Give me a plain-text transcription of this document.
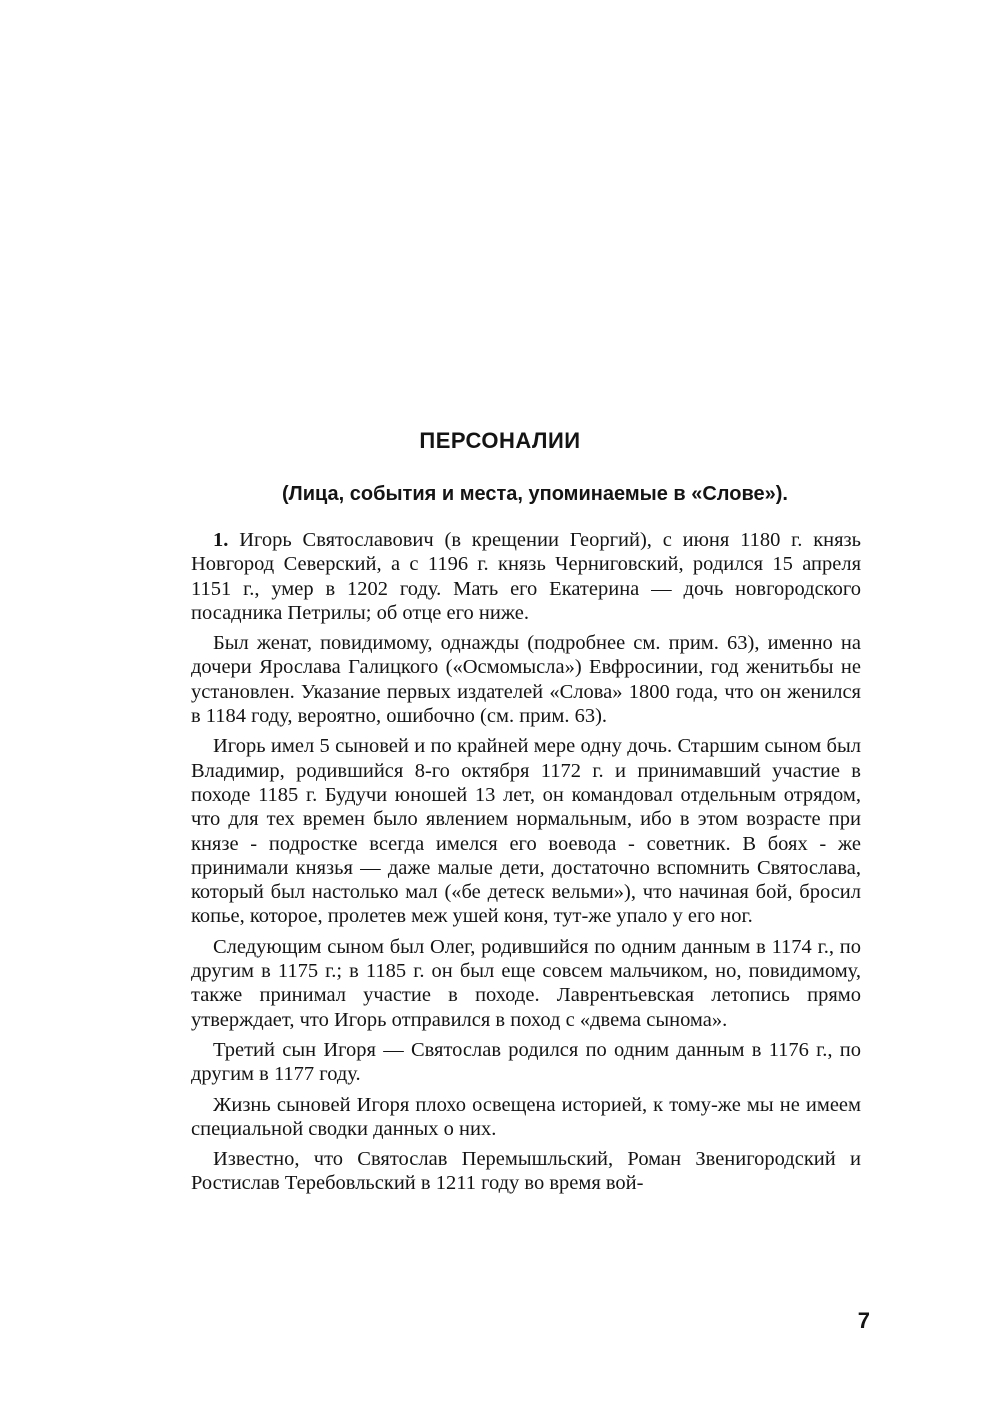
ПЕРСОНАЛИИ
(Лица, события и места, упоминаемые в «Слове»).

1. Игорь Святославович (в крещении Георгий), с июня 1180 г. князь Новгород Северский, а с 1196 г. князь Черниговский, родился 15 апреля 1151 г., умер в 1202 году. Мать его Екатерина — дочь новгородского посадника Петрилы; об отце его ниже.

Был женат, повидимому, однажды (подробнее см. прим. 63), именно на дочери Ярослава Галицкого («Осмомысла») Евфросинии, год женитьбы не установлен. Указание первых издателей «Слова» 1800 года, что он женился в 1184 году, вероятно, ошибочно (см. прим. 63).

Игорь имел 5 сыновей и по крайней мере одну дочь. Старшим сыном был Владимир, родившийся 8-го октября 1172 г. и принимавший участие в походе 1185 г. Будучи юношей 13 лет, он командовал отдельным отрядом, что для тех времен было явлением нормальным, ибо в этом возрасте при князе - подростке всегда имелся его воевода - советник. В боях - же принимали князья — даже малые дети, достаточно вспомнить Святослава, который был настолько мал («бе детеск вельми»), что начиная бой, бросил копье, которое, пролетев меж ушей коня, тут-же упало у его ног.

Следующим сыном был Олег, родившийся по одним данным в 1174 г., по другим в 1175 г.; в 1185 г. он был еще совсем мальчиком, но, повидимому, также принимал участие в походе. Лаврентьевская летопись прямо утверждает, что Игорь отправился в поход с «двема сынома».

Третий сын Игоря — Святослав родился по одним данным в 1176 г., по другим в 1177 году.

Жизнь сыновей Игоря плохо освещена историей, к тому-же мы не имеем специальной сводки данных о них.

Известно, что Святослав Перемышльский, Роман Звенигородский и Ростислав Теребовльский в 1211 году во время вой-

7
